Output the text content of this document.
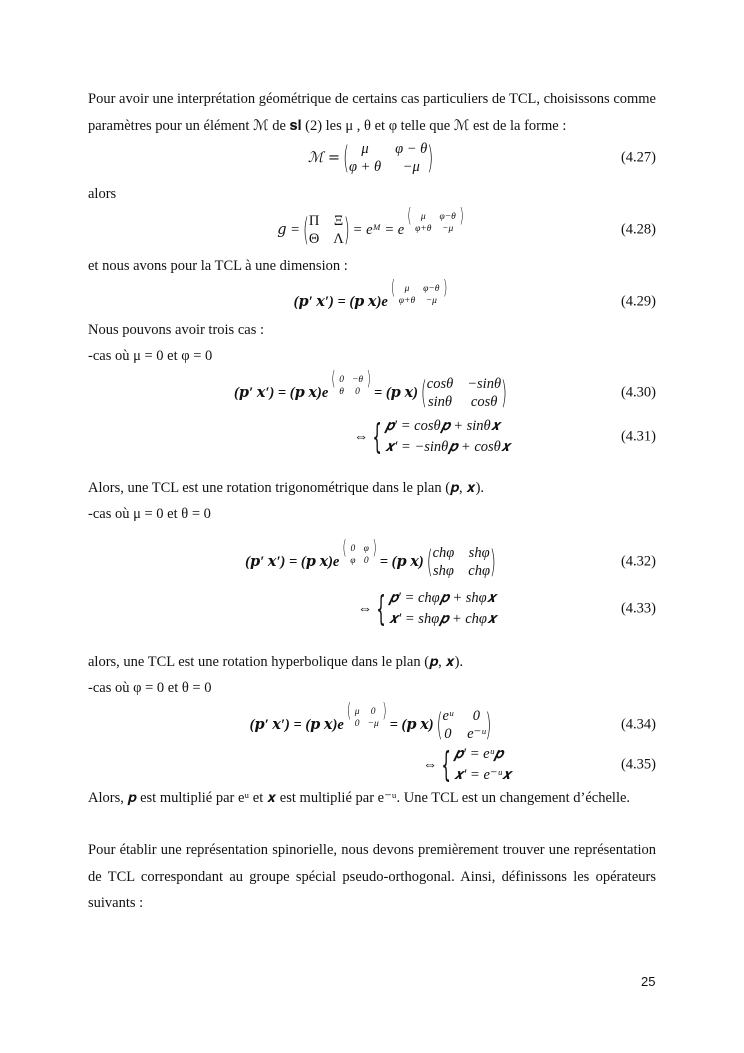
Pour avoir une interprétation géométrique de certains cas particuliers de TCL, choisissons comme paramètres pour un élément ℳ de 𝐬𝐥 (2) les μ , θ et φ telle que ℳ est de la forme :

ℳ = ( μ	φ − θ
φ + θ	−μ )	(4.27)

alors

𝑔 = ( Π Ξ
Θ Λ ) = eᴹ = e
( μ	φ−θ
φ+θ −μ
)
(4.28)

et nous avons pour la TCL à une dimension :

(𝒑′ 𝒙′) = (𝒑 𝒙)e
( μ	φ−θ
φ+θ −μ
)
(4.29)

Nous pouvons avoir trois cas :

-cas où μ = 0 et φ = 0

(𝒑′ 𝒙′) = (𝒑 𝒙)e
( 0 −θ
θ	0
)
= (𝒑 𝒙) ( cosθ −sinθ
sinθ cosθ )	(4.30)
⇔ { 𝒑′ = cosθ𝒑 + sinθ𝒙
𝒙′ = −sinθ𝒑 + cosθ𝒙
(4.31)

Alors, une TCL est une rotation trigonométrique dans le plan (𝒑, 𝒙).

-cas où μ = 0 et θ = 0

(𝒑′ 𝒙′) = (𝒑 𝒙)e
( 0 φ
φ 0
)
= (𝒑 𝒙) ( chφ shφ
shφ chφ )	(4.32)
⇔ { 𝒑′ = chφ𝒑 + shφ𝒙
𝒙′ = shφ𝒑 + chφ𝒙
(4.33)

alors, une TCL est une rotation hyperbolique dans le plan (𝒑, 𝒙).

-cas où φ = 0 et θ = 0

(𝒑′ 𝒙′) = (𝒑 𝒙)e
( μ	0
0 −μ
)
= (𝒑 𝒙) ( eᵘ	0
0 e⁻ᵘ )	(4.34)
⇔ { 𝒑′ = eᵘ𝒑
𝒙′ = e⁻ᵘ𝒙
(4.35)

Alors, 𝒑 est multiplié par eᵘ et 𝒙 est multiplié par e⁻ᵘ. Une TCL est un changement d’échelle.

Pour établir une représentation spinorielle, nous devons premièrement trouver une représentation de TCL correspondant au groupe spécial pseudo-orthogonal. Ainsi, définissons les opérateurs suivants :

25
